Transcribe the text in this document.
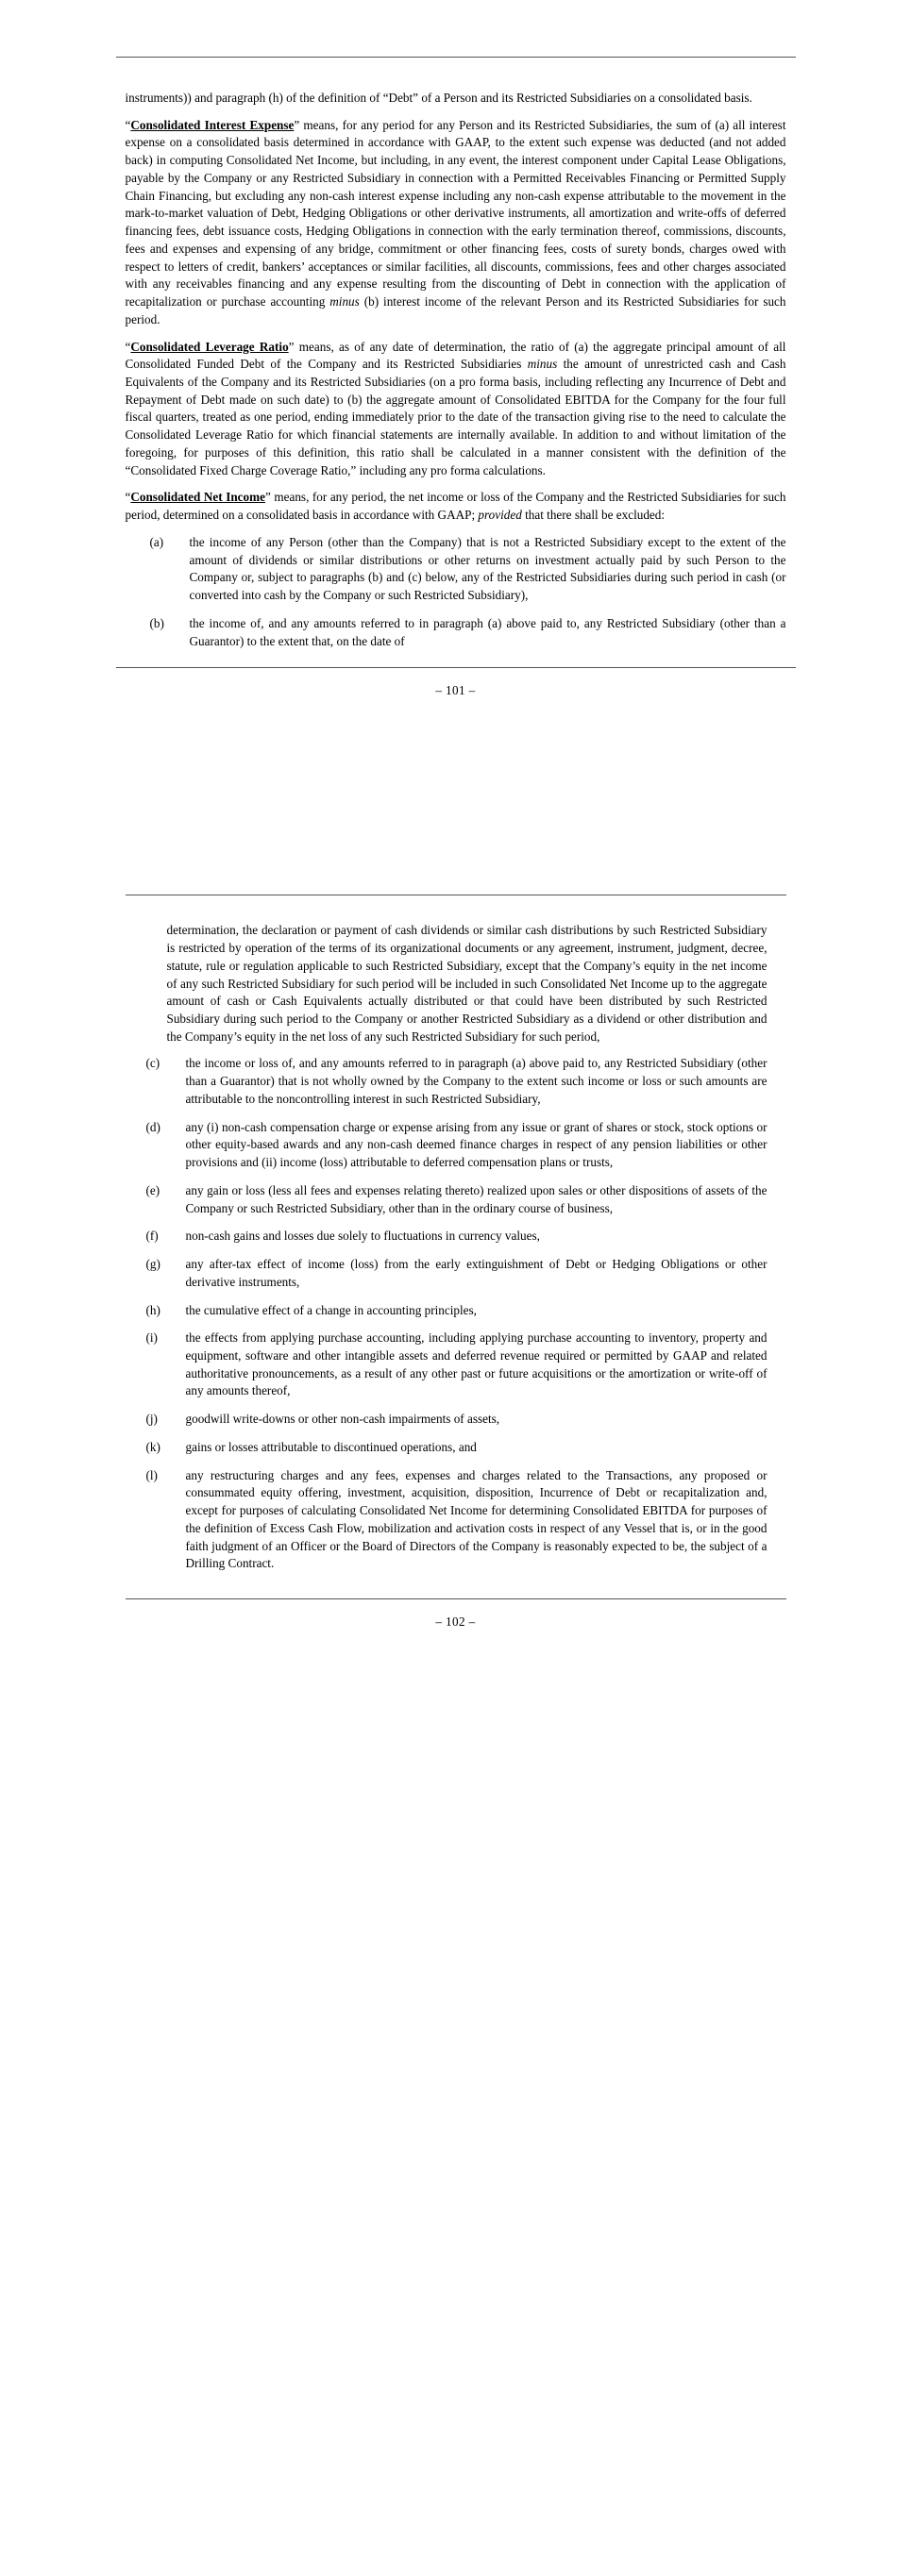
instruments)) and paragraph (h) of the definition of “Debt” of a Person and its Restricted Subsidiaries on a consolidated basis.

“Consolidated Interest Expense” means, for any period for any Person and its Restricted Subsidiaries, the sum of (a) all interest expense on a consolidated basis determined in accordance with GAAP, to the extent such expense was deducted (and not added back) in computing Consolidated Net Income, but including, in any event, the interest component under Capital Lease Obligations, payable by the Company or any Restricted Subsidiary in connection with a Permitted Receivables Financing or Permitted Supply Chain Financing, but excluding any non-cash interest expense including any non-cash expense attributable to the movement in the mark-to-market valuation of Debt, Hedging Obligations or other derivative instruments, all amortization and write-offs of deferred financing fees, debt issuance costs, Hedging Obligations in connection with the early termination thereof, commissions, discounts, fees and expenses and expensing of any bridge, commitment or other financing fees, costs of surety bonds, charges owed with respect to letters of credit, bankers’ acceptances or similar facilities, all discounts, commissions, fees and other charges associated with any receivables financing and any expense resulting from the discounting of Debt in connection with the application of recapitalization or purchase accounting minus (b) interest income of the relevant Person and its Restricted Subsidiaries for such period.

“Consolidated Leverage Ratio” means, as of any date of determination, the ratio of (a) the aggregate principal amount of all Consolidated Funded Debt of the Company and its Restricted Subsidiaries minus the amount of unrestricted cash and Cash Equivalents of the Company and its Restricted Subsidiaries (on a pro forma basis, including reflecting any Incurrence of Debt and Repayment of Debt made on such date) to (b) the aggregate amount of Consolidated EBITDA for the Company for the four full fiscal quarters, treated as one period, ending immediately prior to the date of the transaction giving rise to the need to calculate the Consolidated Leverage Ratio for which financial statements are internally available. In addition to and without limitation of the foregoing, for purposes of this definition, this ratio shall be calculated in a manner consistent with the definition of the “Consolidated Fixed Charge Coverage Ratio,” including any pro forma calculations.

“Consolidated Net Income” means, for any period, the net income or loss of the Company and the Restricted Subsidiaries for such period, determined on a consolidated basis in accordance with GAAP; provided that there shall be excluded:

(a)	the income of any Person (other than the Company) that is not a Restricted Subsidiary except to the extent of the amount of dividends or similar distributions or other returns on investment actually paid by such Person to the Company or, subject to paragraphs (b) and (c) below, any of the Restricted Subsidiaries during such period in cash (or converted into cash by the Company or such Restricted Subsidiary),
(b)	the income of, and any amounts referred to in paragraph (a) above paid to, any Restricted Subsidiary (other than a Guarantor) to the extent that, on the date of
– 101 –

determination, the declaration or payment of cash dividends or similar cash distributions by such Restricted Subsidiary is restricted by operation of the terms of its organizational documents or any agreement, instrument, judgment, decree, statute, rule or regulation applicable to such Restricted Subsidiary, except that the Company’s equity in the net income of any such Restricted Subsidiary for such period will be included in such Consolidated Net Income up to the aggregate amount of cash or Cash Equivalents actually distributed or that could have been distributed by such Restricted Subsidiary during such period to the Company or another Restricted Subsidiary as a dividend or other distribution and the Company’s equity in the net loss of any such Restricted Subsidiary for such period,

(c)	the income or loss of, and any amounts referred to in paragraph (a) above paid to, any Restricted Subsidiary (other than a Guarantor) that is not wholly owned by the Company to the extent such income or loss or such amounts are attributable to the noncontrolling interest in such Restricted Subsidiary,
(d)	any (i) non-cash compensation charge or expense arising from any issue or grant of shares or stock, stock options or other equity-based awards and any non-cash deemed finance charges in respect of any pension liabilities or other provisions and (ii) income (loss) attributable to deferred compensation plans or trusts,
(e)	any gain or loss (less all fees and expenses relating thereto) realized upon sales or other dispositions of assets of the Company or such Restricted Subsidiary, other than in the ordinary course of business,
(f)	non-cash gains and losses due solely to fluctuations in currency values,
(g)	any after-tax effect of income (loss) from the early extinguishment of Debt or Hedging Obligations or other derivative instruments,
(h)	the cumulative effect of a change in accounting principles,
(i)	the effects from applying purchase accounting, including applying purchase accounting to inventory, property and equipment, software and other intangible assets and deferred revenue required or permitted by GAAP and related authoritative pronouncements, as a result of any other past or future acquisitions or the amortization or write-off of any amounts thereof,
(j)	goodwill write-downs or other non-cash impairments of assets,
(k)	gains or losses attributable to discontinued operations, and
(l)	any restructuring charges and any fees, expenses and charges related to the Transactions, any proposed or consummated equity offering, investment, acquisition, disposition, Incurrence of Debt or recapitalization and, except for purposes of calculating Consolidated Net Income for determining Consolidated EBITDA for purposes of the definition of Excess Cash Flow, mobilization and activation costs in respect of any Vessel that is, or in the good faith judgment of an Officer or the Board of Directors of the Company is reasonably expected to be, the subject of a Drilling Contract.
– 102 –
